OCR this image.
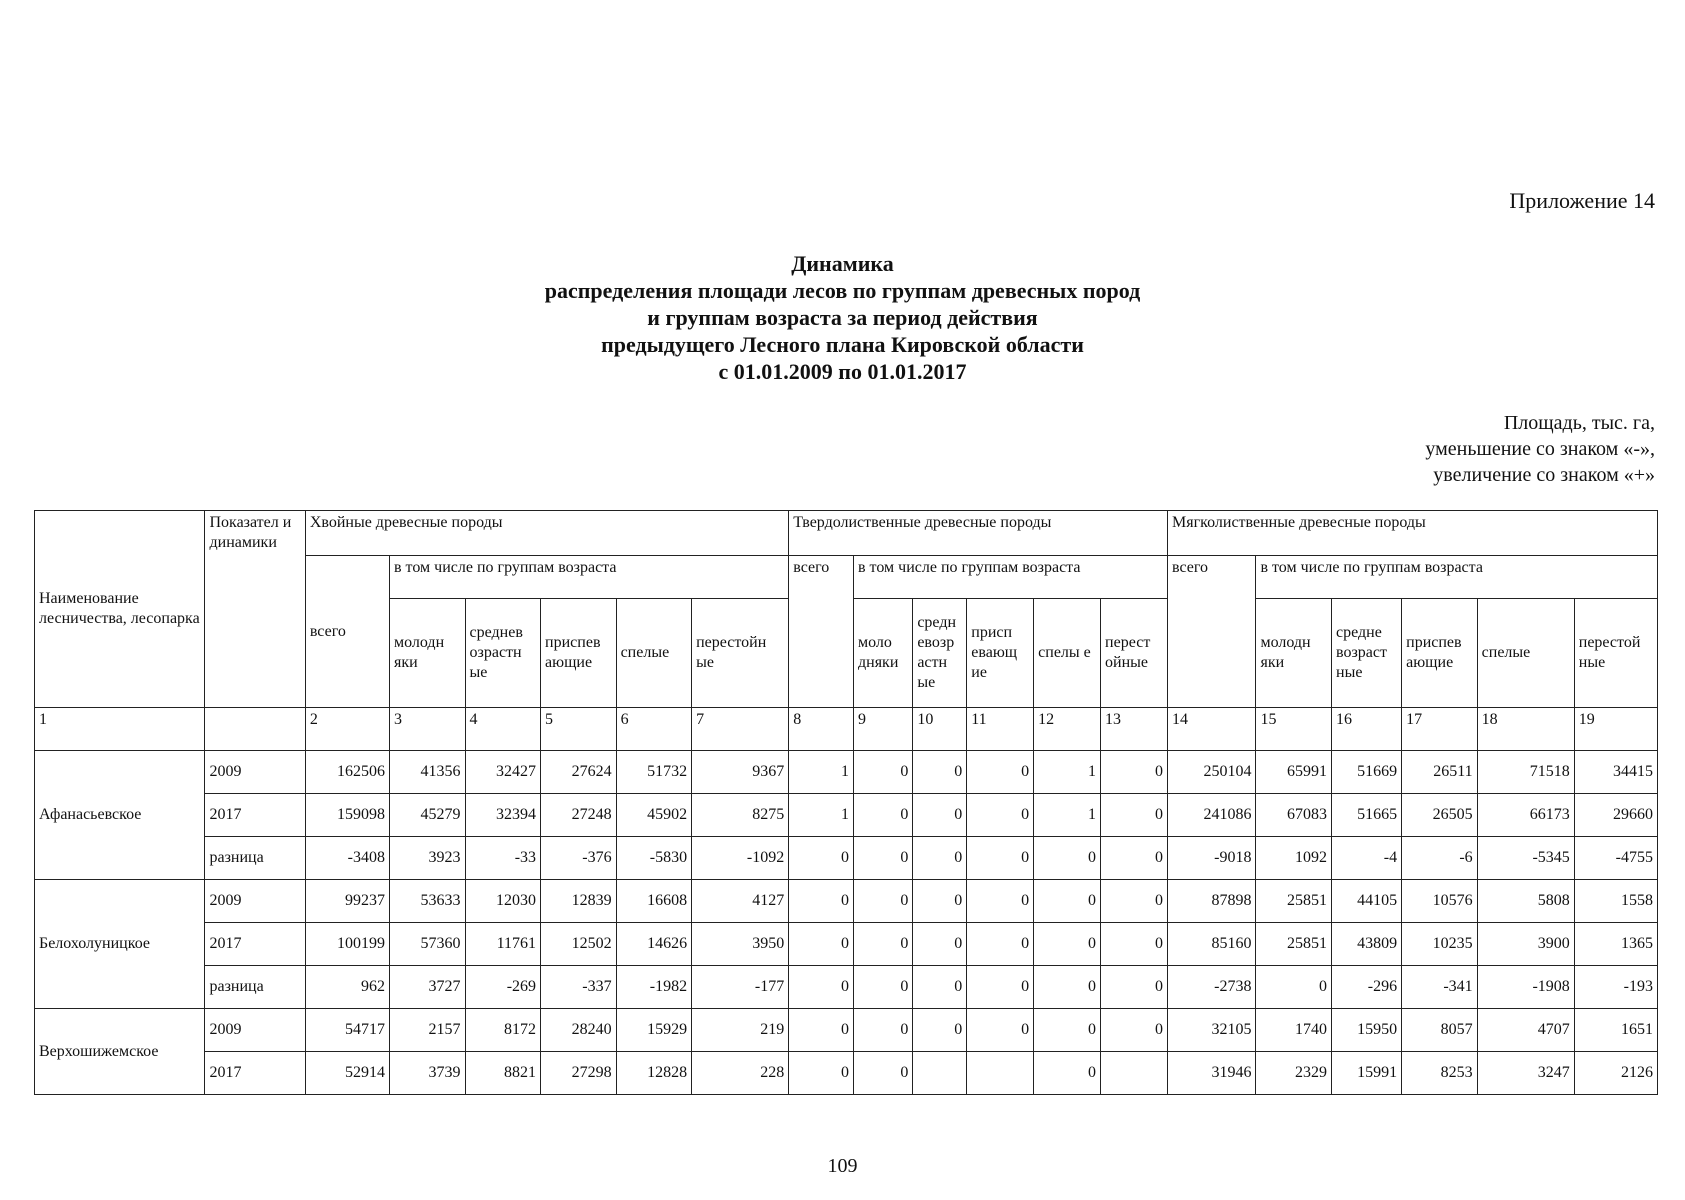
Приложение 14
Динамика
распределения площади лесов по группам древесных пород
и группам возраста за период действия
предыдущего Лесного плана Кировской области
с 01.01.2009 по 01.01.2017
Площадь, тыс. га,
уменьшение со знаком «-»,
увеличение со знаком «+»
Наименование лесничества, лесопарка	Показател и динамики	Хвойные древесные породы						Твердолиственные древесные породы						Мягколиственные древесные породы					
		всего	в том числе по группам возраста					всего	в том числе по группам возраста					всего	в том числе по группам возраста				
			молодн яки	среднев озрастн ые	приспев ающие	спелые	перестойн ые		моло дняки	средн евозр астн ые	присп евающ ие	спелы е	перест ойные		молодн яки	средне возраст ные	приспев ающие	спелые	перестой ные
1		2	3	4	5	6	7	8	9	10	11	12	13	14	15	16	17	18	19
Афанасьевское	2009	162506	41356	32427	27624	51732	9367	1	0	0	0	1	0	250104	65991	51669	26511	71518	34415
	2017	159098	45279	32394	27248	45902	8275	1	0	0	0	1	0	241086	67083	51665	26505	66173	29660
	разница	-3408	3923	-33	-376	-5830	-1092	0	0	0	0	0	0	-9018	1092	-4	-6	-5345	-4755
Белохолуницкое	2009	99237	53633	12030	12839	16608	4127	0	0	0	0	0	0	87898	25851	44105	10576	5808	1558
	2017	100199	57360	11761	12502	14626	3950	0	0	0	0	0	0	85160	25851	43809	10235	3900	1365
	разница	962	3727	-269	-337	-1982	-177	0	0	0	0	0	0	-2738	0	-296	-341	-1908	-193
Верхошижемское	2009	54717	2157	8172	28240	15929	219	0	0	0	0	0	0	32105	1740	15950	8057	4707	1651
	2017	52914	3739	8821	27298	12828	228	0	0			0		31946	2329	15991	8253	3247	2126
109
